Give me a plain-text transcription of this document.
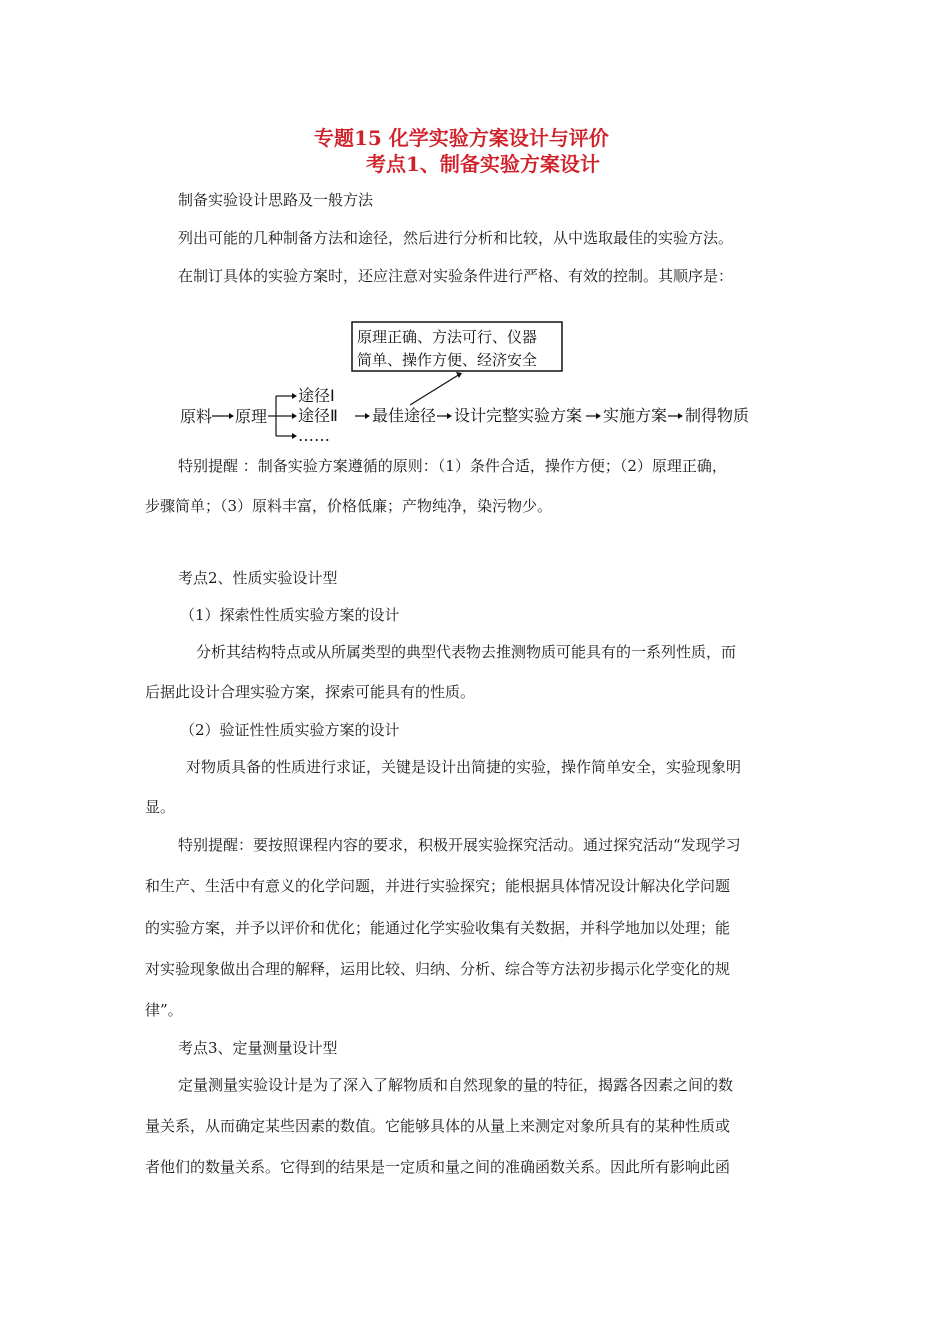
专题15 化学实验方案设计与评价
考点1、制备实验方案设计
制备实验设计思路及一般方法
列出可能的几种制备方法和途径，然后进行分析和比较，从中选取最佳的实验方法。
在制订具体的实验方案时，还应注意对实验条件进行严格、有效的控制。其顺序是：
原理正确、方法可行、仪器
简单、操作方便、经济安全
原料 原理
途径Ⅰ
途径Ⅱ
……
最佳途径 设计完整实验方案 实施方案 制得物质
特别提醒 ：制备实验方案遵循的原则：（1）条件合适，操作方便；（2）原理正确，
步骤简单；（3）原料丰富，价格低廉；产物纯净，染污物少。
考点2、性质实验设计型
（1）探索性性质实验方案的设计
分析其结构特点或从所属类型的典型代表物去推测物质可能具有的一系列性质，而
后据此设计合理实验方案，探索可能具有的性质。
（2）验证性性质实验方案的设计
对物质具备的性质进行求证，关键是设计出简捷的实验，操作简单安全，实验现象明
显。
特别提醒：要按照课程内容的要求，积极开展实验探究活动。通过探究活动“发现学习
和生产、生活中有意义的化学问题，并进行实验探究；能根据具体情况设计解决化学问题
的实验方案，并予以评价和优化；能通过化学实验收集有关数据，并科学地加以处理；能
对实验现象做出合理的解释，运用比较、归纳、分析、综合等方法初步揭示化学变化的规
律”。
考点3、定量测量设计型
定量测量实验设计是为了深入了解物质和自然现象的量的特征，揭露各因素之间的数
量关系，从而确定某些因素的数值。它能够具体的从量上来测定对象所具有的某种性质或
者他们的数量关系。它得到的结果是一定质和量之间的准确函数关系。因此所有影响此函
